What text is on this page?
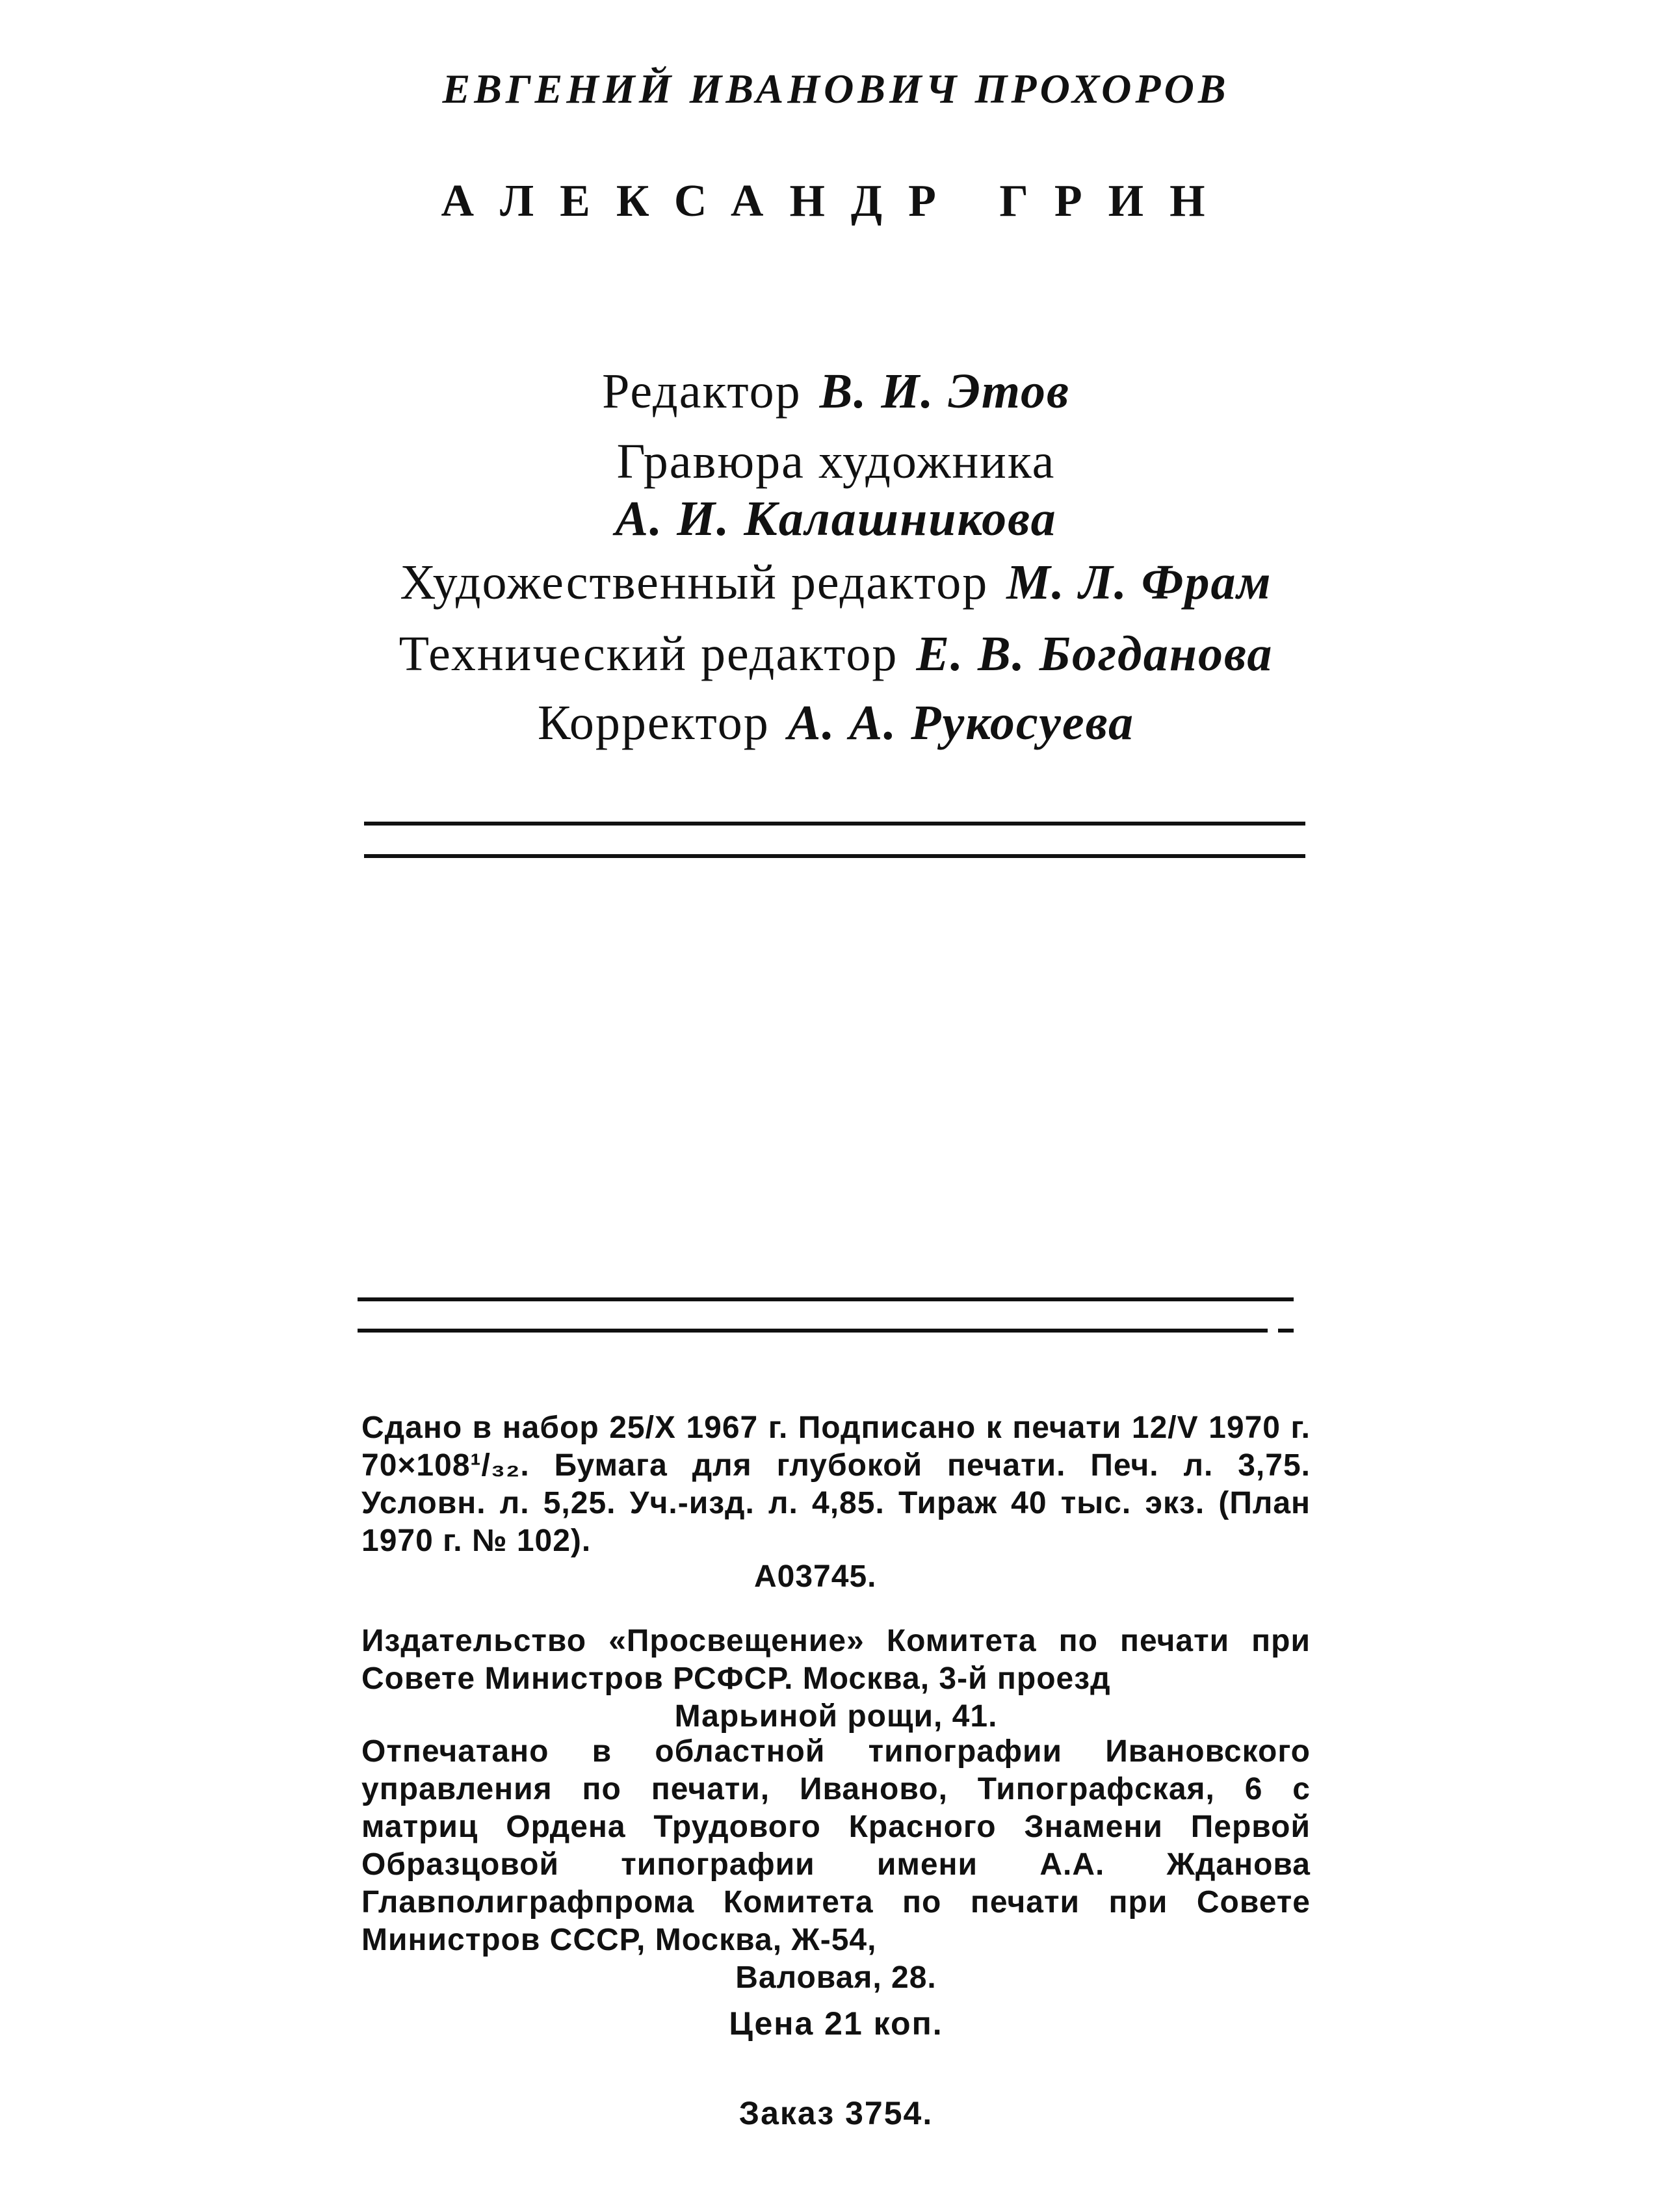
ЕВГЕНИЙ ИВАНОВИЧ ПРОХОРОВ
АЛЕКСАНДР ГРИН
Редактор В. И. Этов
Гравюра художника
А. И. Калашникова
Художественный редактор М. Л. Фрам
Технический редактор Е. В. Богданова
Корректор А. А. Рукосуева

Сдано в набор 25/X 1967 г. Подписано к печати 12/V 1970 г. 70×108¹/₃₂. Бумага для глубокой печати. Печ. л. 3,75. Условн. л. 5,25. Уч.-изд. л. 4,85. Тираж 40 тыс. экз. (План 1970 г. № 102).

А03745.

Издательство «Просвещение» Комитета по печати при Совете Министров РСФСР. Москва, 3-й проезд

Марьиной рощи, 41.

Отпечатано в областной типографии Ивановского управления по печати, Иваново, Типографская, 6 с матриц Ордена Трудового Красного Знамени Первой Образцовой типографии имени А.А. Жданова Главполиграфпрома Комитета по печати при Совете Министров СССР, Москва, Ж-54,

Валовая, 28.

Цена 21 коп.
Заказ 3754.
